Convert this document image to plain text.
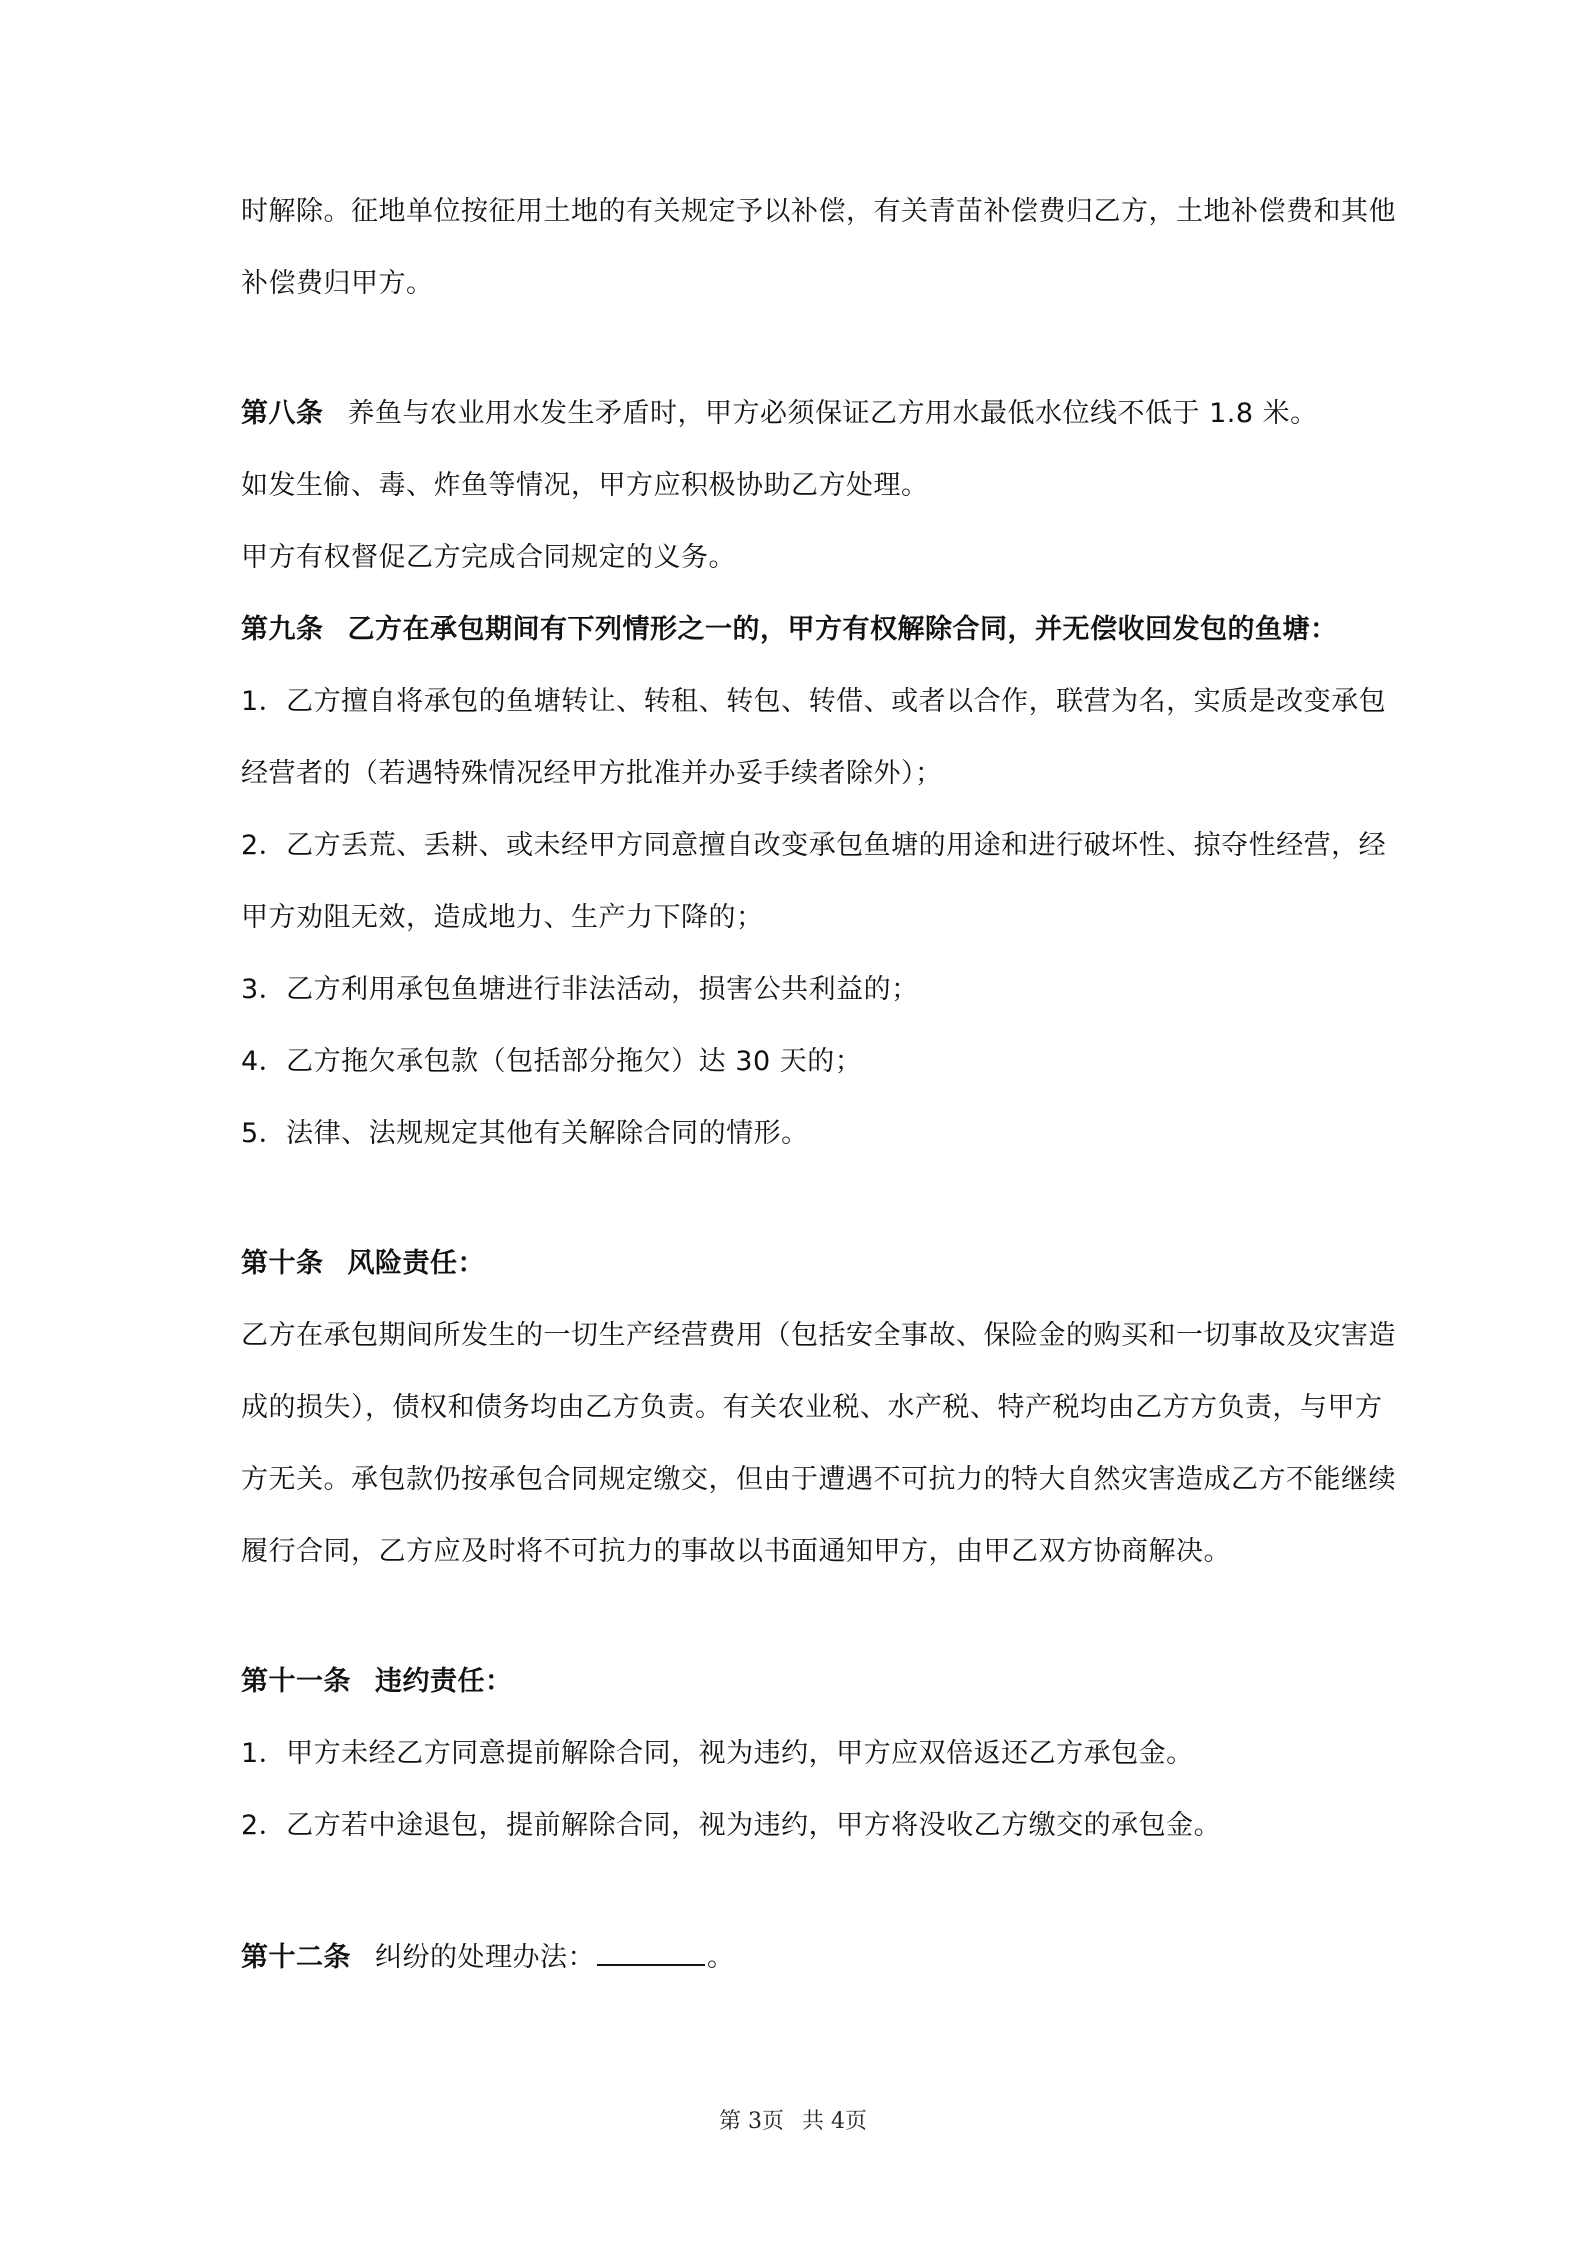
时解除。征地单位按征用土地的有关规定予以补偿，有关青苗补偿费归乙方，土地补偿费和其他
补偿费归甲方。
第八条 养鱼与农业用水发生矛盾时，甲方必须保证乙方用水最低水位线不低于 1.8 米。
如发生偷、毒、炸鱼等情况，甲方应积极协助乙方处理。
甲方有权督促乙方完成合同规定的义务。
第九条 乙方在承包期间有下列情形之一的，甲方有权解除合同，并无偿收回发包的鱼塘：
1．乙方擅自将承包的鱼塘转让、转租、转包、转借、或者以合作，联营为名，实质是改变承包
经营者的（若遇特殊情况经甲方批准并办妥手续者除外）；
2．乙方丢荒、丢耕、或未经甲方同意擅自改变承包鱼塘的用途和进行破坏性、掠夺性经营，经
甲方劝阻无效，造成地力、生产力下降的；
3．乙方利用承包鱼塘进行非法活动，损害公共利益的；
4．乙方拖欠承包款（包括部分拖欠）达 30 天的；
5．法律、法规规定其他有关解除合同的情形。
第十条 风险责任：
乙方在承包期间所发生的一切生产经营费用（包括安全事故、保险金的购买和一切事故及灾害造
成的损失），债权和债务均由乙方负责。有关农业税、水产税、特产税均由乙方方负责，与甲方
方无关。承包款仍按承包合同规定缴交，但由于遭遇不可抗力的特大自然灾害造成乙方不能继续
履行合同，乙方应及时将不可抗力的事故以书面通知甲方，由甲乙双方协商解决。
第十一条 违约责任：
1．甲方未经乙方同意提前解除合同，视为违约，甲方应双倍返还乙方承包金。
2．乙方若中途退包，提前解除合同，视为违约，甲方将没收乙方缴交的承包金。
第十二条 纠纷的处理办法：	。
第 3页 共 4页
